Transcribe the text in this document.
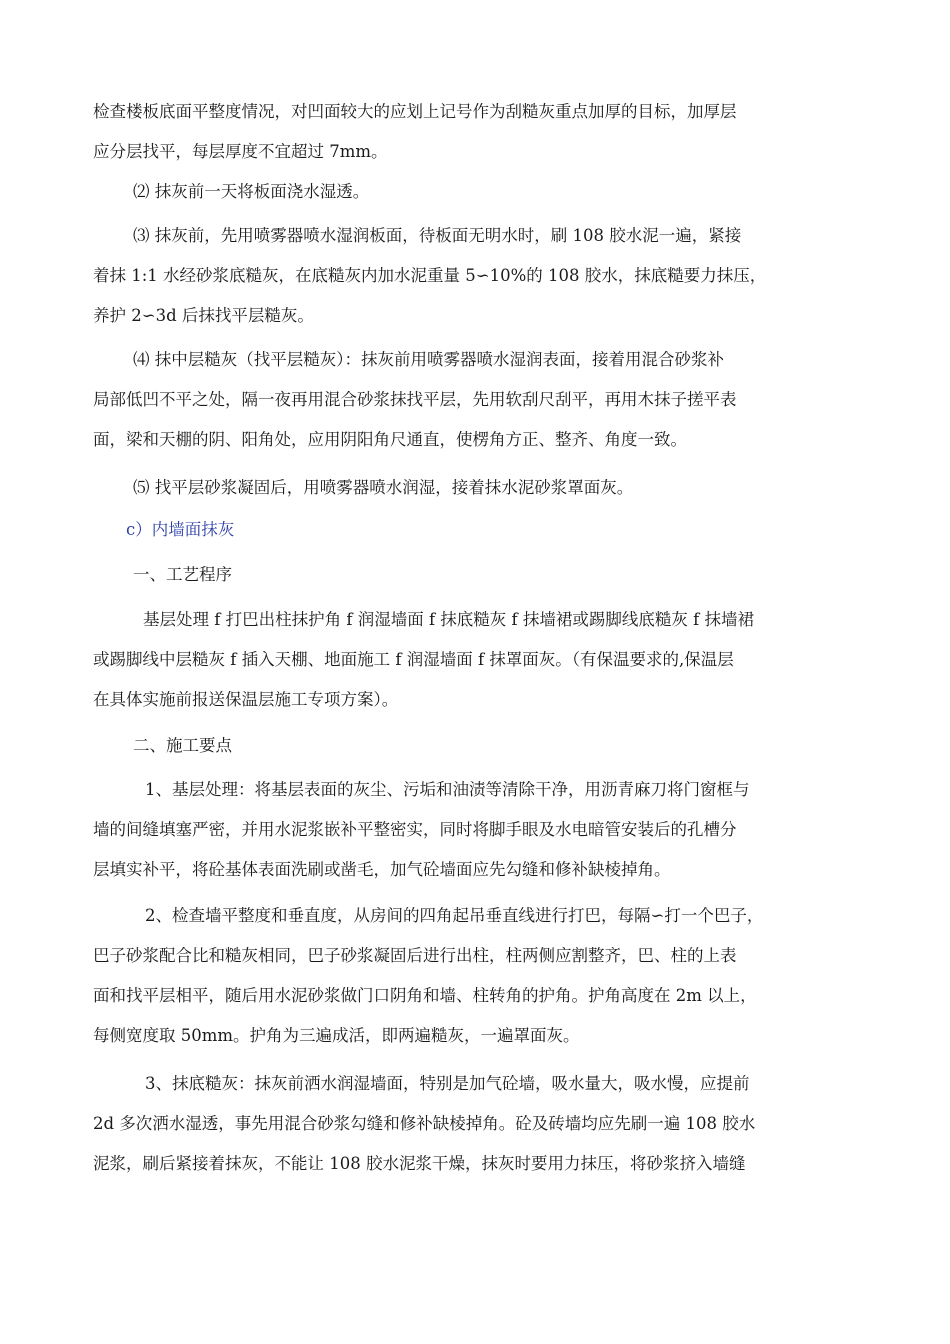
检查楼板底面平整度情况，对凹面较大的应划上记号作为刮糙灰重点加厚的目标，加厚层
应分层找平，每层厚度不宜超过 7mm。
⑵ 抹灰前一天将板面浇水湿透。
⑶ 抹灰前，先用喷雾器喷水湿润板面，待板面无明水时，刷 108 胶水泥一遍，紧接
着抹 1:1 水经砂浆底糙灰，在底糙灰内加水泥重量 5∽10%的 108 胶水，抹底糙要力抹压，
养护 2∽3d 后抹找平层糙灰。
⑷ 抹中层糙灰（找平层糙灰）：抹灰前用喷雾器喷水湿润表面，接着用混合砂浆补
局部低凹不平之处，隔一夜再用混合砂浆抹找平层，先用软刮尺刮平，再用木抹子搓平表
面，梁和天棚的阴、阳角处，应用阴阳角尺通直，使楞角方正、整齐、角度一致。
⑸ 找平层砂浆凝固后，用喷雾器喷水润湿，接着抹水泥砂浆罩面灰。
c）内墙面抹灰
一、工艺程序
基层处理 f 打巴出柱抹护角 f 润湿墙面 f 抹底糙灰 f 抹墙裙或踢脚线底糙灰 f 抹墙裙
或踢脚线中层糙灰 f 插入天棚、地面施工 f 润湿墙面 f 抹罩面灰。（有保温要求的,保温层
在具体实施前报送保温层施工专项方案）。
二、施工要点
1、基层处理：将基层表面的灰尘、污垢和油渍等清除干净，用沥青麻刀将门窗框与
墙的间缝填塞严密，并用水泥浆嵌补平整密实，同时将脚手眼及水电暗管安装后的孔槽分
层填实补平，将砼基体表面洗刷或凿毛，加气砼墙面应先勾缝和修补缺棱掉角。
2、检查墙平整度和垂直度，从房间的四角起吊垂直线进行打巴，每隔∽打一个巴子，
巴子砂浆配合比和糙灰相同，巴子砂浆凝固后进行出柱，柱两侧应割整齐，巴、柱的上表
面和找平层相平，随后用水泥砂浆做门口阴角和墙、柱转角的护角。护角高度在 2m 以上，
每侧宽度取 50mm。护角为三遍成活，即两遍糙灰，一遍罩面灰。
3、抹底糙灰：抹灰前洒水润湿墙面，特别是加气砼墙，吸水量大，吸水慢，应提前
2d 多次洒水湿透，事先用混合砂浆勾缝和修补缺棱掉角。砼及砖墙均应先刷一遍 108 胶水
泥浆，刷后紧接着抹灰，不能让 108 胶水泥浆干燥，抹灰时要用力抹压，将砂浆挤入墙缝
